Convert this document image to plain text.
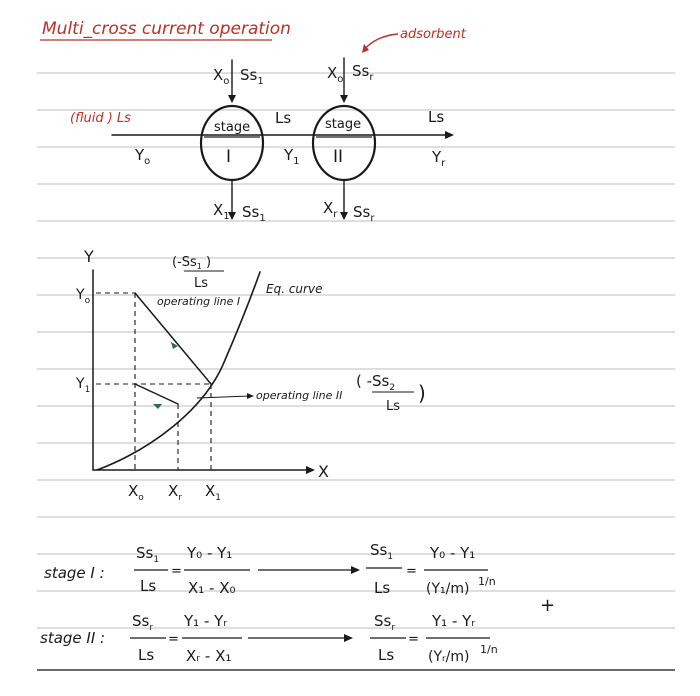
Multi_cross current operation	adsorbent
$X_o$ $Ss_1$	$X_o$ $Ss_r$
(fluid ) Ls
$Y_o$
stage
I
Ls
$Y_1$
stage
II
Ls
$Y_r$
$X_1$ $Ss_1$
$X_r$ $Ss_r$
Y
X
$Y_o$
$Y_1$
$X_o$ $X_r$ $X_1$
($-Ss_1$ )
Ls
operating line I
Eq. curve
operating line II
( $-Ss_2$
Ls
)
stage I :
$Ss_1$
Ls
=
Y₀ - Y₁
X₁ - X₀
$Ss_1$
Ls
=
Y₀ - Y₁
(Y₁/m) 1/n
+
stage II :
$Ss_r$
Ls
=
Y₁ - Yᵣ
Xᵣ - X₁
$Ss_r$
Ls
=
Y₁ - Yᵣ
(Yᵣ/m) 1/n
